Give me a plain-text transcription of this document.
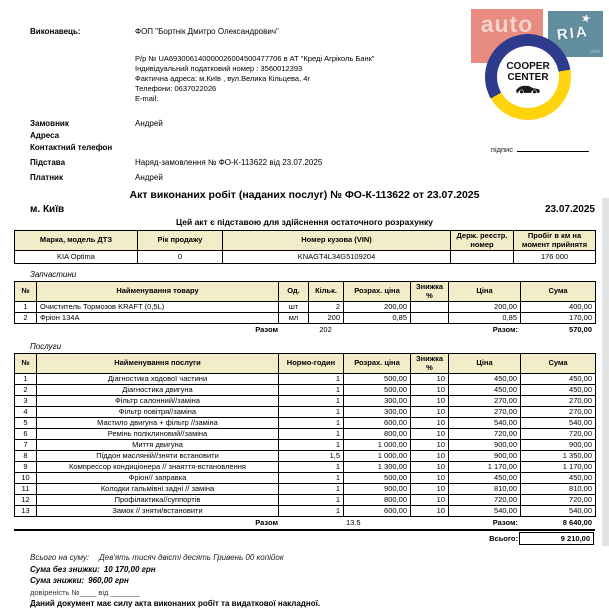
Виконавець:	ФОП "Бортнік Дмитро Олександрович"
Р/р № UA693006140000026004500477706 в АТ "Креді Агріколь Банк"
Індивідуальний податковий номер : 3560012393
Фактична адреса: м.Київ , вул.Велика Кільцева, 4г
Телефони: 0637022026
E-mail:
auto	★
RIA
.com
COOPER
CENTER
Замовник	Андрей
Адреса
Контактний телефон
Підстава	Наряд-замовлення № ФО-К-113622 від 23.07.2025
Платник	Андрей
підпис
Акт виконаних робіт (наданих послуг) № ФО-К-113622 от 23.07.2025
м. Київ	23.07.2025
Цей акт є підставою для здійснення остаточного розрахунку
Марка, модель ДТЗ	Рік продажу	Номер кузова (VIN)	Держ. реєстр. номер	Пробіг в км на момент прийнятя
KIA Optima	0	KNAGT4L34G5109204		176 000
Запчастини
№	Найменування товару	Од.	Кільк.	Розрах. ціна	Знижка %	Ціна	Сума
1	Очиститель Тормозов KRAFT (0,5L)	шт	2	200,00		200,00	400,00
2	Фріон 134А	мл	200	0,85		0,85	170,00
Разом	202	Разом:	570,00
Послуги
№	Найменування послуги	Нормо-годин	Розрах. ціна	Знижка %	Ціна	Сума
1	Діагностика ходової частини	1	500,00	10	450,00	450,00
2	Діагностика двигуна	1	500,00	10	450,00	450,00
3	Фільтр салонний//заміна	1	300,00	10	270,00	270,00
4	Фільтр повітря//заміна	1	300,00	10	270,00	270,00
5	Мастило двигуна + фільтр //заміна	1	600,00	10	540,00	540,00
6	Ремінь поліклиновий//заміна	1	800,00	10	720,00	720,00
7	Миття двигуна	1	1 000,00	10	900,00	900,00
8	Піддон масляній//зняти встановити	1,5	1 000,00	10	900,00	1 350,00
9	Компрессор кондиціонера // знаяття-встановлення	1	1 300,00	10	1 170,00	1 170,00
10	Фріон// заправка	1	500,00	10	450,00	450,00
11	Колодки гальмівні задні // заміна	1	900,00	10	810,00	810,00
12	Профілактика//суппортів	1	800,00	10	720,00	720,00
13	Замок // зняти/встановити	1	600,00	10	540,00	540,00
Разом	13.5	Разом:	8 640,00
Всього:	9 210,00
Всього на суму: Дев'ять тисяч двісті десять Гривень 00 копійок
Сума без знижки: 10 170,00 грн
Сума знижки: 960,00 грн
довіреність №____ від _______
Даний документ має силу акта виконаних робіт та видаткової накладної.
